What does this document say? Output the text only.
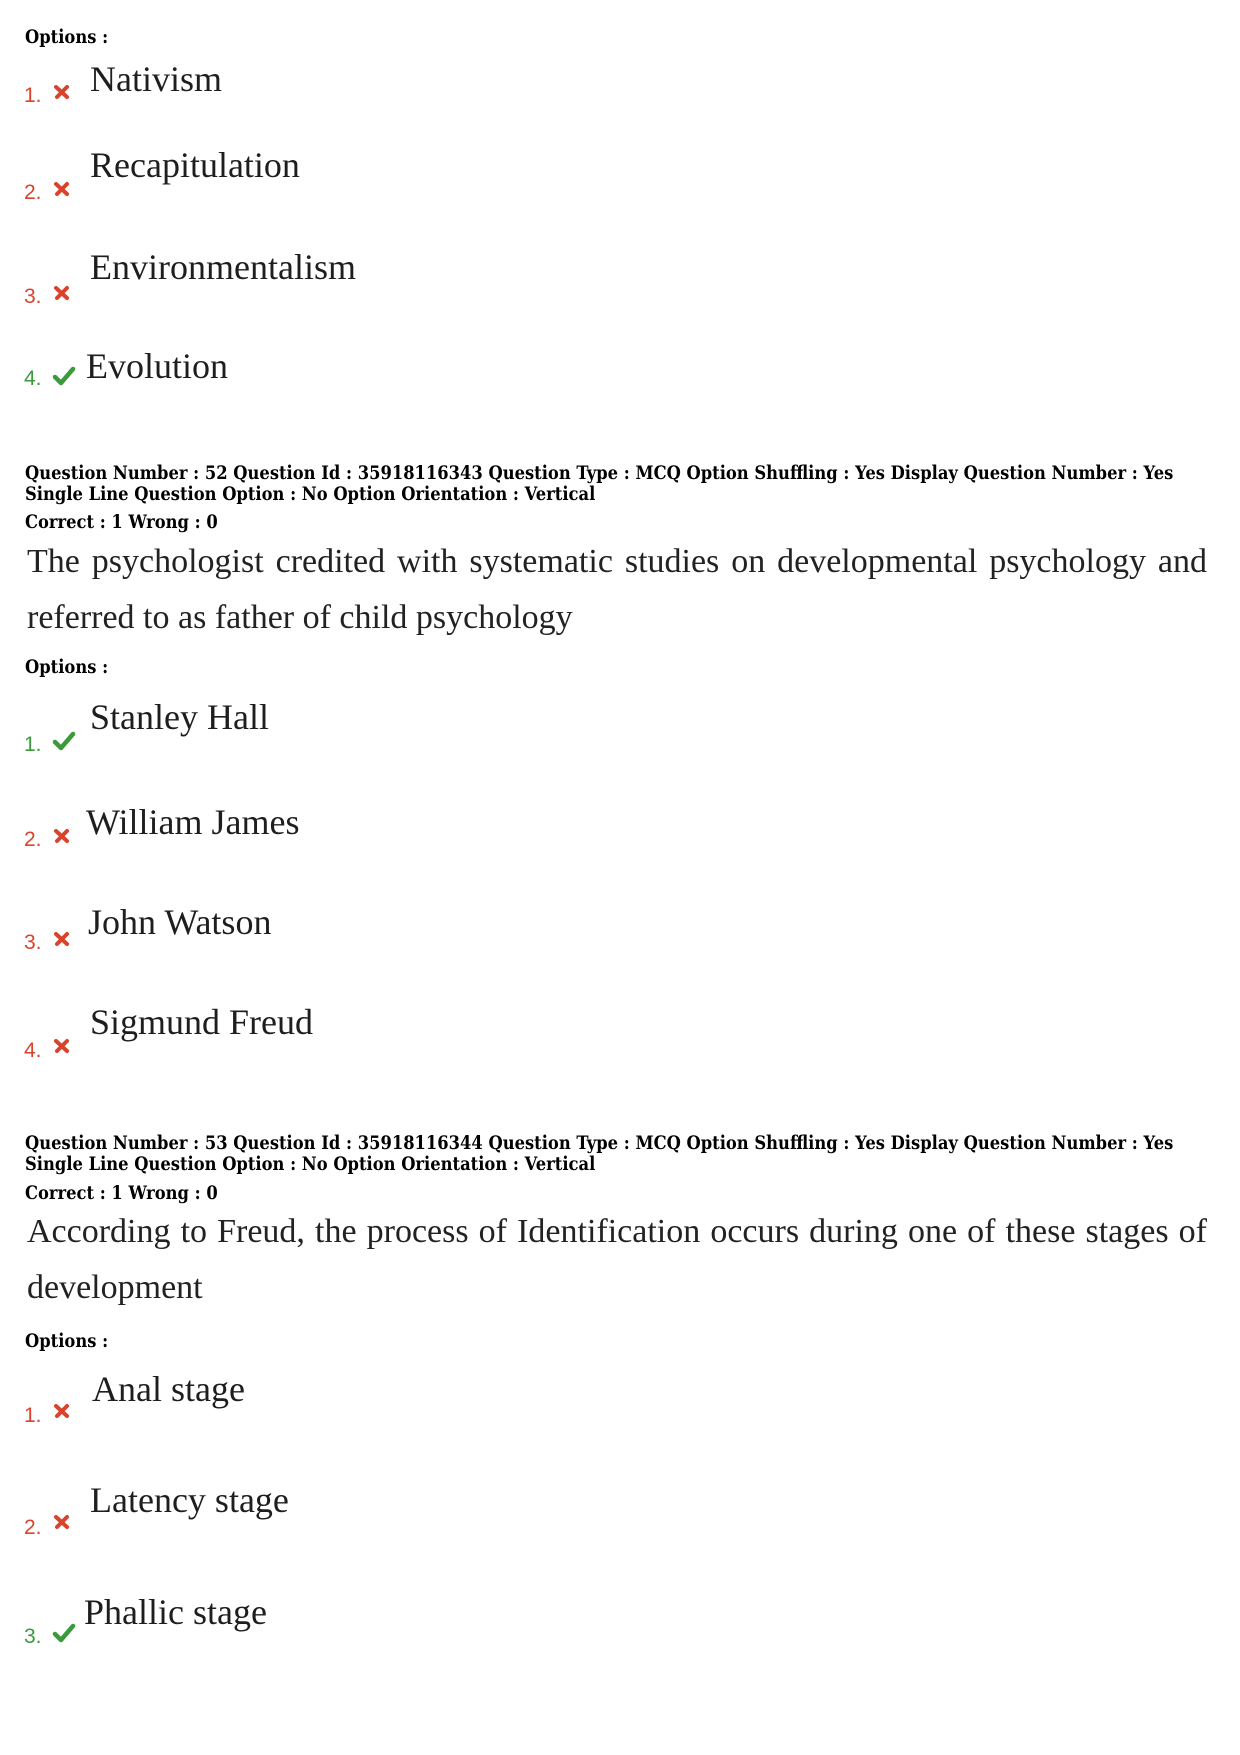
Options :
1. Nativism
2.
Recapitulation
3.
Environmentalism
4. Evolution
Question Number : 52 Question Id : 35918116343 Question Type : MCQ Option Shuffling : Yes Display Question Number : Yes
Single Line Question Option : No Option Orientation : Vertical
Correct : 1 Wrong : 0
The psychologist credited with systematic studies on developmental psychology and referred to as father of child psychology
Options :
1.
Stanley Hall
2. William James
3.
John Watson
4.
Sigmund Freud
Question Number : 53 Question Id : 35918116344 Question Type : MCQ Option Shuffling : Yes Display Question Number : Yes
Single Line Question Option : No Option Orientation : Vertical
Correct : 1 Wrong : 0
According to Freud, the process of Identification occurs during one of these stages of development
Options :
1.
Anal stage
2.
Latency stage
3.
Phallic stage
